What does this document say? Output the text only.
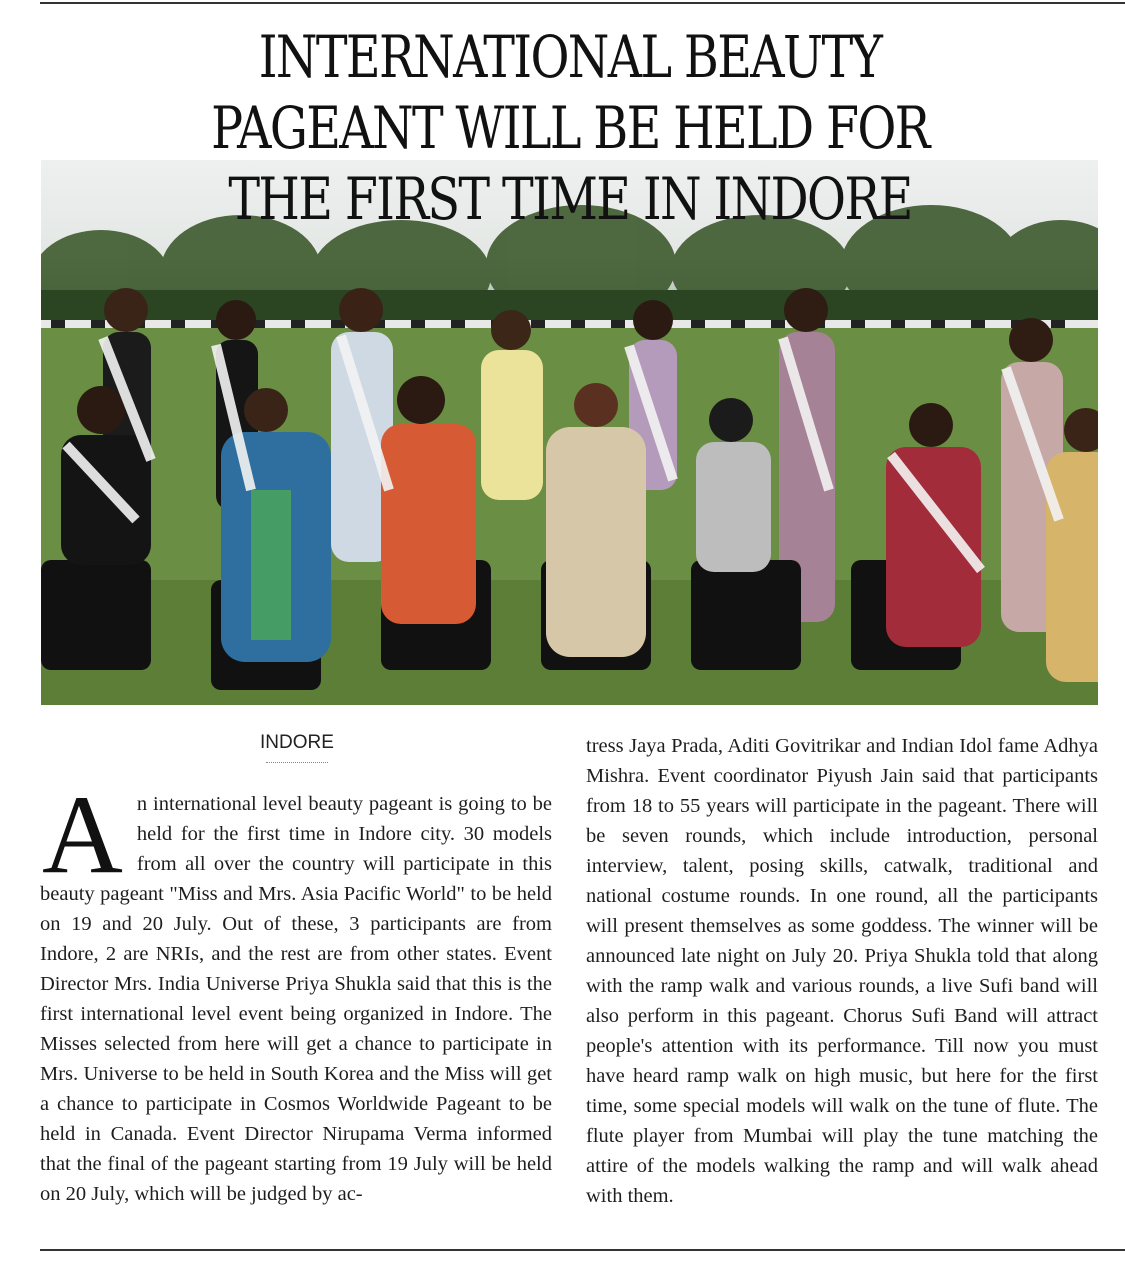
INTERNATIONAL BEAUTY
PAGEANT WILL BE HELD FOR
THE FIRST TIME IN INDORE
INDORE
A n international level beauty pageant is going to be held for the first time in Indore city. 30 models from all over the country will participate in this beauty pageant "Miss and Mrs. Asia Pacific World" to be held on 19 and 20 July. Out of these, 3 participants are from Indore, 2 are NRIs, and the rest are from other states. Event Director Mrs. India Universe Priya Shukla said that this is the first international level event being organized in Indore. The Misses selected from here will get a chance to participate in Mrs. Universe to be held in South Korea and the Miss will get a chance to participate in Cosmos Worldwide Pageant to be held in Canada. Event Director Nirupama Verma informed that the final of the pageant starting from 19 July will be held on 20 July, which will be judged by ac-

tress Jaya Prada, Aditi Govitrikar and Indian Idol fame Adhya Mishra. Event coordinator Piyush Jain said that participants from 18 to 55 years will participate in the pageant. There will be seven rounds, which include introduction, personal interview, talent, posing skills, catwalk, traditional and national costume rounds. In one round, all the participants will present themselves as some goddess. The winner will be announced late night on July 20. Priya Shukla told that along with the ramp walk and various rounds, a live Sufi band will also perform in this pageant. Chorus Sufi Band will attract people's attention with its performance. Till now you must have heard ramp walk on high music, but here for the first time, some special models will walk on the tune of flute. The flute player from Mumbai will play the tune matching the attire of the models walking the ramp and will walk ahead with them.
